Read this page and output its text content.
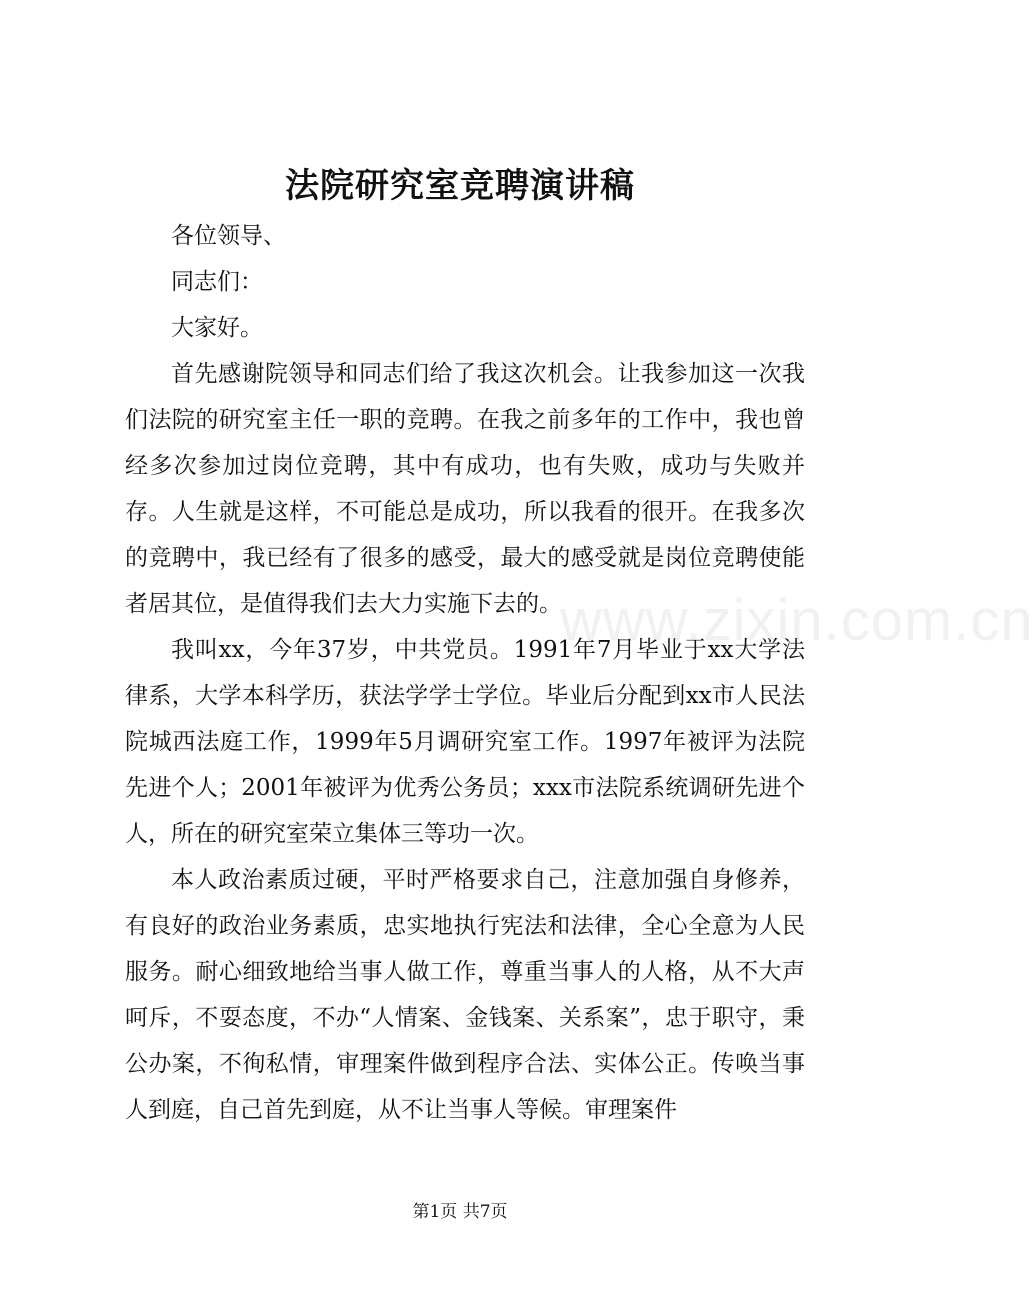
法院研究室竞聘演讲稿

各位领导、

同志们：

大家好。

首先感谢院领导和同志们给了我这次机会。让我参加这一次我们法院的研究室主任一职的竞聘。在我之前多年的工作中，我也曾经多次参加过岗位竞聘，其中有成功，也有失败，成功与失败并存。人生就是这样，不可能总是成功，所以我看的很开。在我多次的竞聘中，我已经有了很多的感受，最大的感受就是岗位竞聘使能者居其位，是值得我们去大力实施下去的。

我叫xx，今年37岁，中共党员。1991年7月毕业于xx大学法律系，大学本科学历，获法学学士学位。毕业后分配到xx市人民法院城西法庭工作，1999年5月调研究室工作。1997年被评为法院先进个人；2001年被评为优秀公务员；xxx市法院系统调研先进个人，所在的研究室荣立集体三等功一次。

本人政治素质过硬，平时严格要求自己，注意加强自身修养，有良好的政治业务素质，忠实地执行宪法和法律，全心全意为人民服务。耐心细致地给当事人做工作，尊重当事人的人格，从不大声呵斥，不耍态度，不办“人情案、金钱案、关系案”，忠于职守，秉公办案，不徇私情，审理案件做到程序合法、实体公正。传唤当事人到庭，自己首先到庭，从不让当事人等候。审理案件

www.zixin.com.cn
第1页 共7页
